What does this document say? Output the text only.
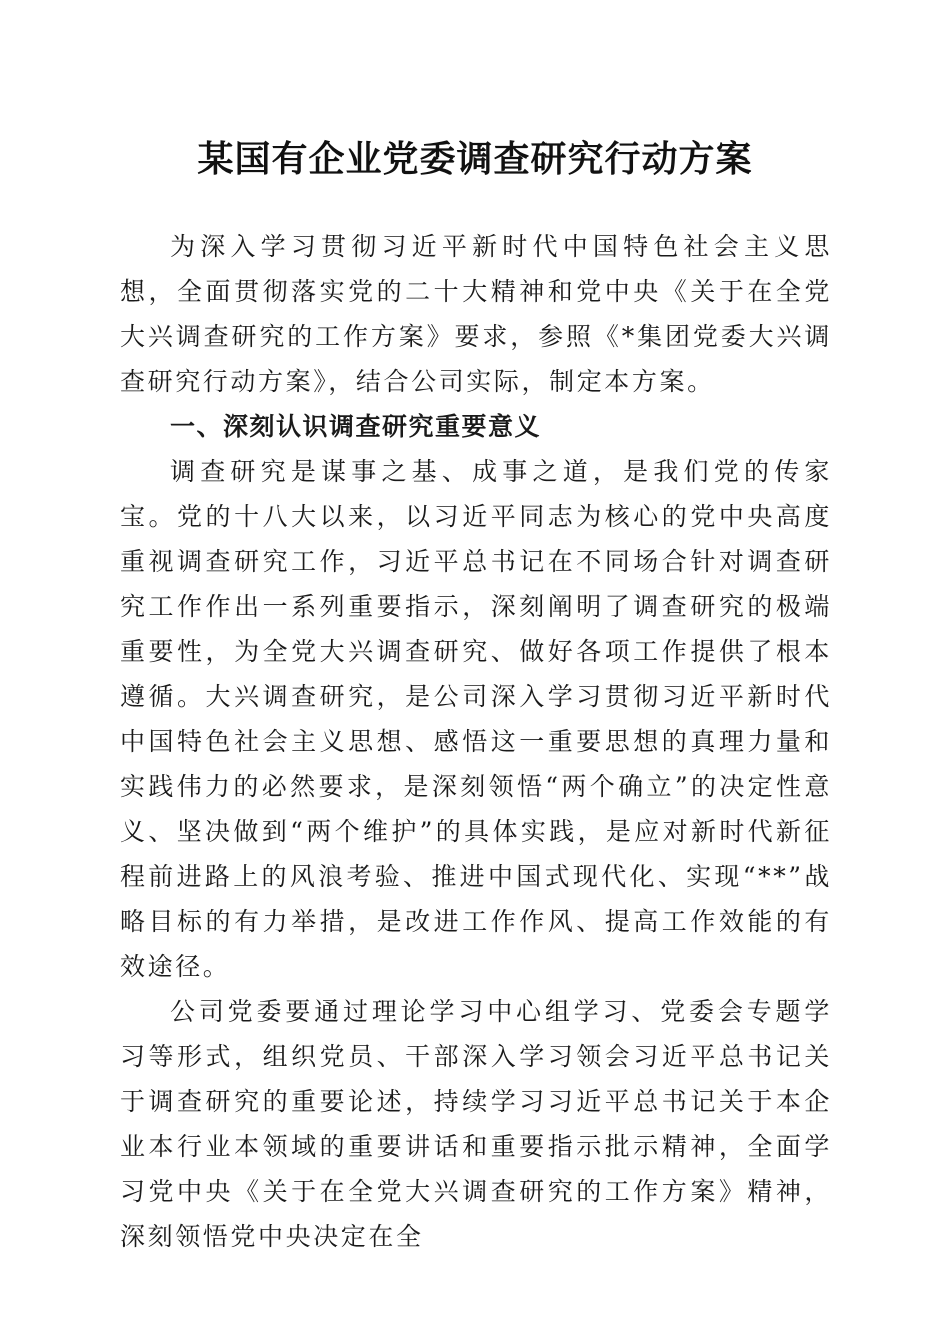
某国有企业党委调查研究行动方案

为深入学习贯彻习近平新时代中国特色社会主义思想，全面贯彻落实党的二十大精神和党中央《关于在全党大兴调查研究的工作方案》要求，参照《*集团党委大兴调查研究行动方案》，结合公司实际，制定本方案。

一、深刻认识调查研究重要意义

调查研究是谋事之基、成事之道，是我们党的传家宝。党的十八大以来，以习近平同志为核心的党中央高度重视调查研究工作，习近平总书记在不同场合针对调查研究工作作出一系列重要指示，深刻阐明了调查研究的极端重要性，为全党大兴调查研究、做好各项工作提供了根本遵循。大兴调查研究，是公司深入学习贯彻习近平新时代中国特色社会主义思想、感悟这一重要思想的真理力量和实践伟力的必然要求，是深刻领悟“两个确立”的决定性意义、坚决做到“两个维护”的具体实践，是应对新时代新征程前进路上的风浪考验、推进中国式现代化、实现“**”战略目标的有力举措，是改进工作作风、提高工作效能的有效途径。

公司党委要通过理论学习中心组学习、党委会专题学习等形式，组织党员、干部深入学习领会习近平总书记关于调查研究的重要论述，持续学习习近平总书记关于本企业本行业本领域的重要讲话和重要指示批示精神，全面学习党中央《关于在全党大兴调查研究的工作方案》精神，深刻领悟党中央决定在全
